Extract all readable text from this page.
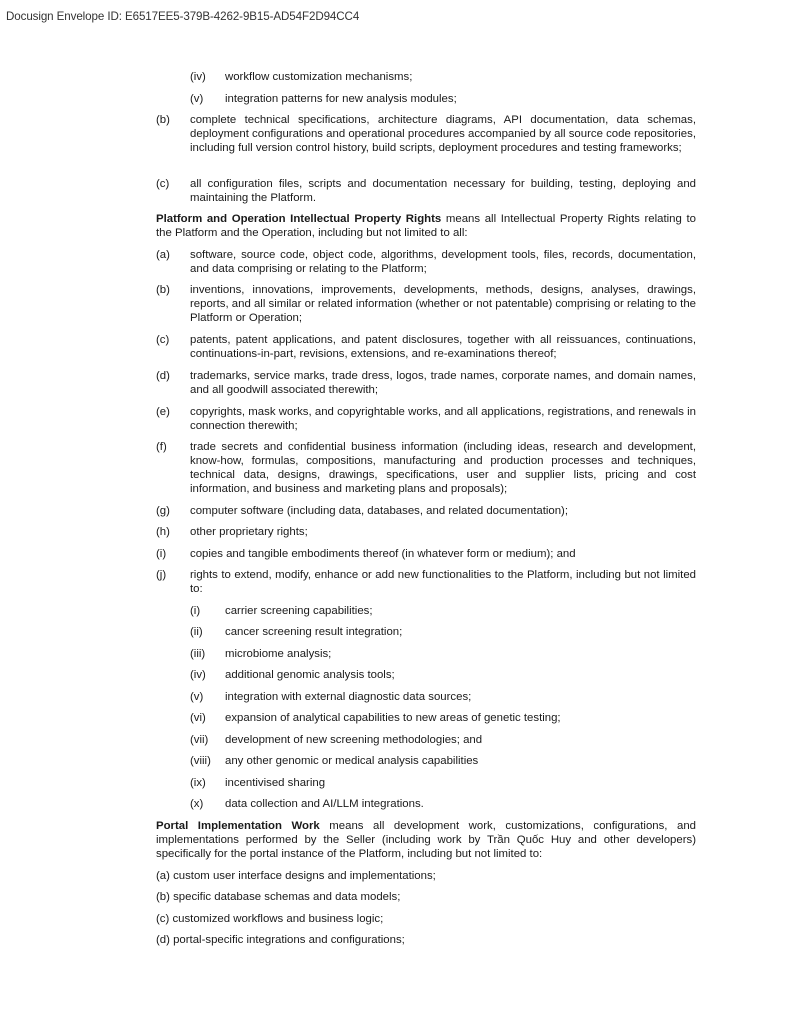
Docusign Envelope ID: E6517EE5-379B-4262-9B15-AD54F2D94CC4
(iv) workflow customization mechanisms;
(v) integration patterns for new analysis modules;
(b) complete technical specifications, architecture diagrams, API documentation, data schemas, deployment configurations and operational procedures accompanied by all source code repositories, including full version control history, build scripts, deployment procedures and testing frameworks;
(c) all configuration files, scripts and documentation necessary for building, testing, deploying and maintaining the Platform.
Platform and Operation Intellectual Property Rights means all Intellectual Property Rights relating to the Platform and the Operation, including but not limited to all:
(a) software, source code, object code, algorithms, development tools, files, records, documentation, and data comprising or relating to the Platform;
(b) inventions, innovations, improvements, developments, methods, designs, analyses, drawings, reports, and all similar or related information (whether or not patentable) comprising or relating to the Platform or Operation;
(c) patents, patent applications, and patent disclosures, together with all reissuances, continuations, continuations-in-part, revisions, extensions, and re-examinations thereof;
(d) trademarks, service marks, trade dress, logos, trade names, corporate names, and domain names, and all goodwill associated therewith;
(e) copyrights, mask works, and copyrightable works, and all applications, registrations, and renewals in connection therewith;
(f) trade secrets and confidential business information (including ideas, research and development, know-how, formulas, compositions, manufacturing and production processes and techniques, technical data, designs, drawings, specifications, user and supplier lists, pricing and cost information, and business and marketing plans and proposals);
(g) computer software (including data, databases, and related documentation);
(h) other proprietary rights;
(i) copies and tangible embodiments thereof (in whatever form or medium); and
(j) rights to extend, modify, enhance or add new functionalities to the Platform, including but not limited to:
(i) carrier screening capabilities;
(ii) cancer screening result integration;
(iii) microbiome analysis;
(iv) additional genomic analysis tools;
(v) integration with external diagnostic data sources;
(vi) expansion of analytical capabilities to new areas of genetic testing;
(vii) development of new screening methodologies; and
(viii) any other genomic or medical analysis capabilities
(ix) incentivised sharing
(x) data collection and AI/LLM integrations.
Portal Implementation Work means all development work, customizations, configurations, and implementations performed by the Seller (including work by Trần Quốc Huy and other developers) specifically for the portal instance of the Platform, including but not limited to:
(a) custom user interface designs and implementations;
(b) specific database schemas and data models;
(c) customized workflows and business logic;
(d) portal-specific integrations and configurations;
